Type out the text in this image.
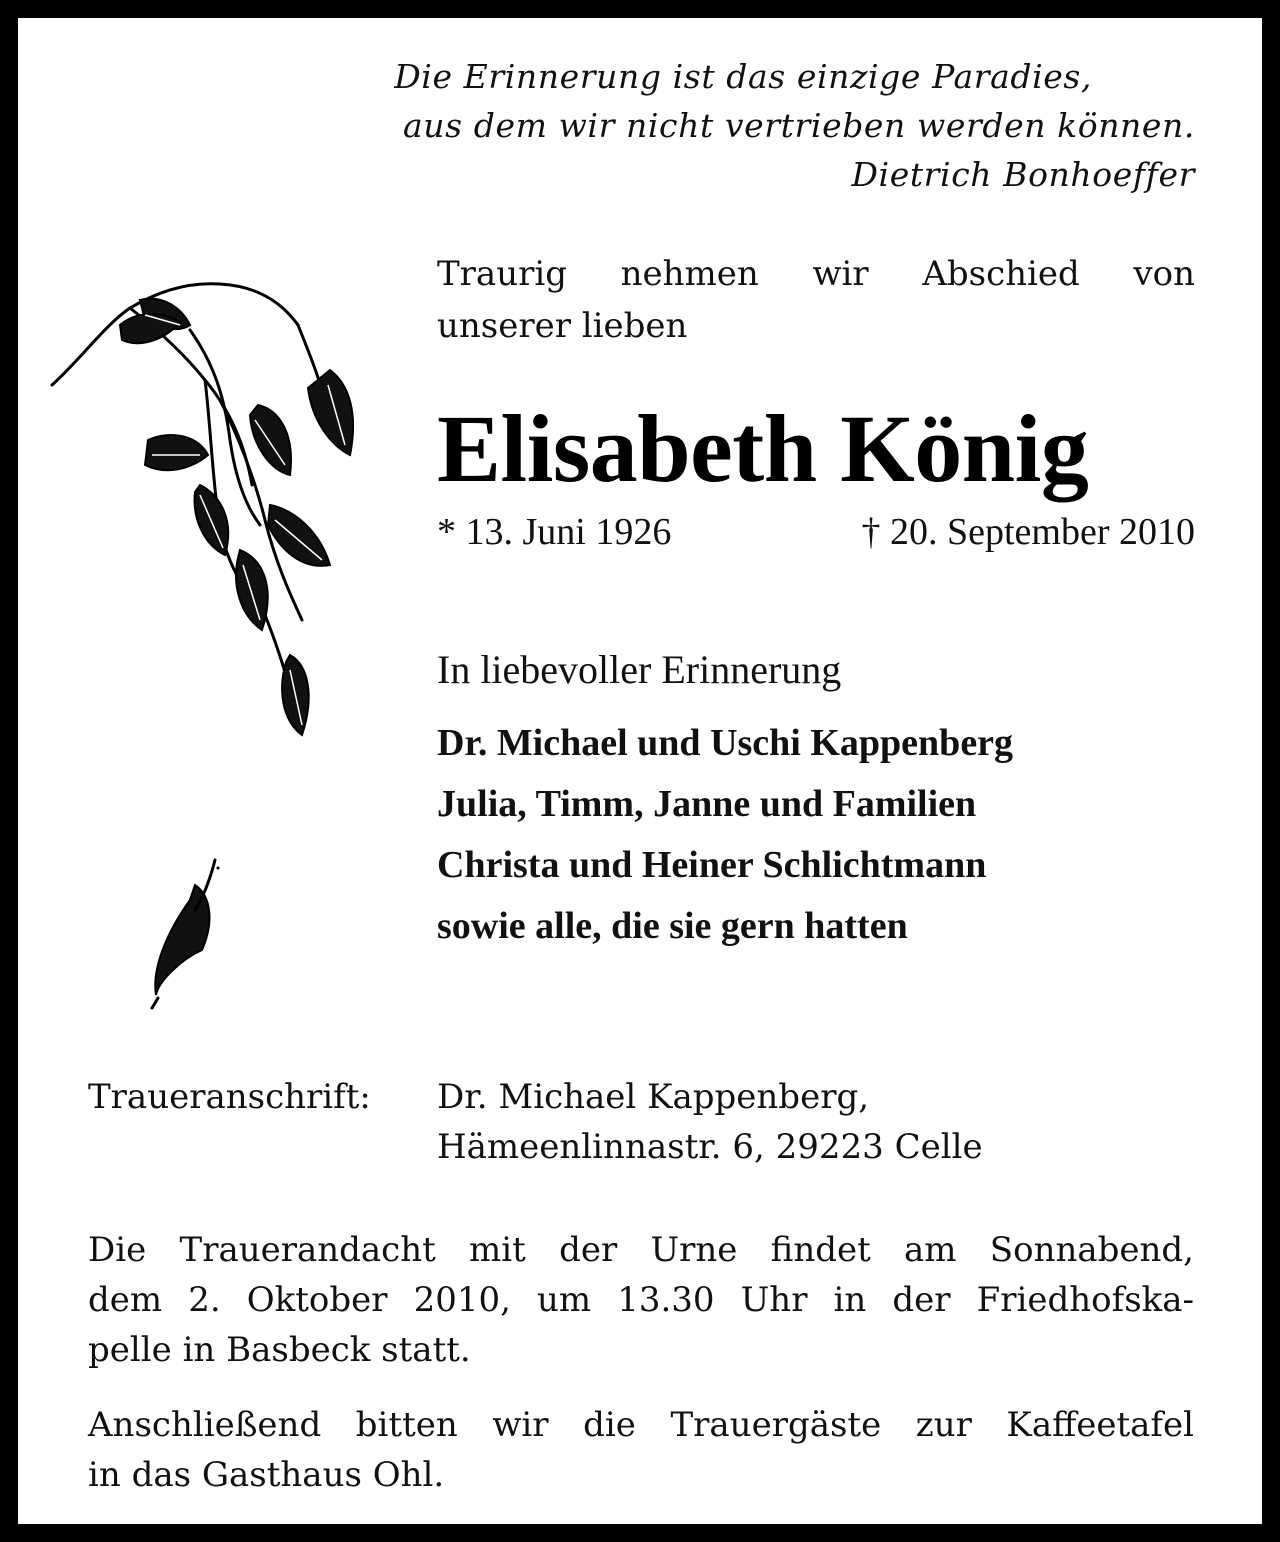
Die Erinnerung ist das einzige Paradies,
aus dem wir nicht vertrieben werden können.
Dietrich Bonhoeffer
Traurig nehmen wir Abschied von
unserer lieben
Elisabeth König
* 13. Juni 1926	† 20. September 2010
In liebevoller Erinnerung
Dr. Michael und Uschi Kappenberg
Julia, Timm, Janne und Familien
Christa und Heiner Schlichtmann
sowie alle, die sie gern hatten
Traueranschrift: Dr. Michael Kappenberg,
Hämeenlinnastr. 6, 29223 Celle
Die Trauerandacht mit der Urne findet am Sonnabend,
dem 2. Oktober 2010, um 13.30 Uhr in der Friedhofska-
pelle in Basbeck statt.
Anschließend bitten wir die Trauergäste zur Kaffeetafel
in das Gasthaus Ohl.
